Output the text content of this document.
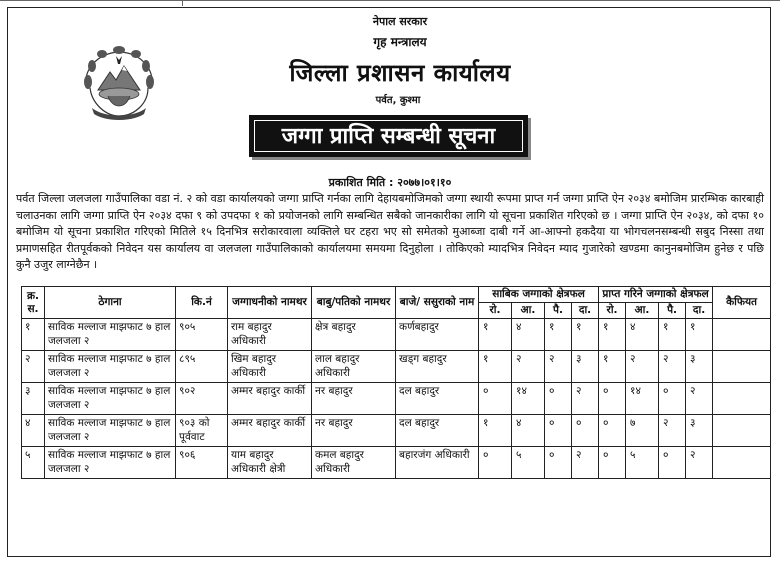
नेपाल सरकार
गृह मन्त्रालय
जिल्ला प्रशासन कार्यालय
पर्वत, कुश्मा
जग्गा प्राप्ति सम्बन्धी सूचना
प्रकाशित मिति : २०७७।०१।१०
पर्वत जिल्ला जलजला गाउँपालिका वडा नं. २ को वडा कार्यालयको जग्गा प्राप्ति गर्नका लागि देहायबमोजिमको जग्गा स्थायी रूपमा प्राप्त गर्न जग्गा प्राप्ति ऐन २०३४ बमोजिम प्रारम्भिक कारबाही चलाउनका लागि जग्गा प्राप्ति ऐन २०३४ दफा ९ को उपदफा १ को प्रयोजनको लागि सम्बन्धित सबैको जानकारीका लागि यो सूचना प्रकाशित गरिएको छ । जग्गा प्राप्ति ऐन २०३४, को दफा १० बमोजिम यो सूचना प्रकाशित गरिएको मितिले १५ दिनभित्र सरोकारवाला व्यक्तिले घर टहरा भए सो समेतको मुआब्जा दाबी गर्ने आ-आफ्नो हकदैया या भोगचलनसम्बन्धी सबुद निस्सा तथा प्रमाणसहित रीतपूर्वकको निवेदन यस कार्यालय वा जलजला गाउँपालिकाको कार्यालयमा समयमा दिनुहोला । तोकिएको म्यादभित्र निवेदन म्याद गुजारेको खण्डमा कानुनबमोजिम हुनेछ र पछि कुनै उजुर लाग्नेछैन ।
क्र. स.	ठेगाना	कि.नं	जग्गाधनीको नामथर	बाबु/पतिको नामथर	बाजे/ ससुराको नाम	साबिक जग्गाको क्षेत्रफल				प्राप्त गरिने जग्गाको क्षेत्रफल				कैफियत
						रो.	आ.	पै.	दा.	रो.	आ.	पै.	दा.	
१	साविक मल्लाज माझफाट ७ हाल जलजला २	९०५	राम बहादुर अधिकारी	क्षेत्र बहादुर	कर्णबहादुर	१	४	१	१	१	४	१	१	
२	साविक मल्लाज माझफाट ७ हाल जलजला २	८९५	खिम बहादुर अधिकारी	लाल बहादुर अधिकारी	खड्ग बहादुर	१	२	२	३	१	२	२	३	
३	साविक मल्लाज माझफाट ७ हाल जलजला २	९०२	अम्मर बहादुर कार्की	नर बहादुर	दल बहादुर	०	१४	०	२	०	१४	०	२	
४	साविक मल्लाज माझफाट ७ हाल जलजला २	९०३ को पूर्ववाट	अम्मर बहादुर कार्की	नर बहादुर	दल बहादुर	१	४	०	०	०	७	२	३	
५	साविक मल्लाज माझफाट ७ हाल जलजला २	९०६	याम बहादुर अधिकारी क्षेत्री	कमल बहादुर अधिकारी	बहारजंग अधिकारी	०	५	०	२	०	५	०	२	
